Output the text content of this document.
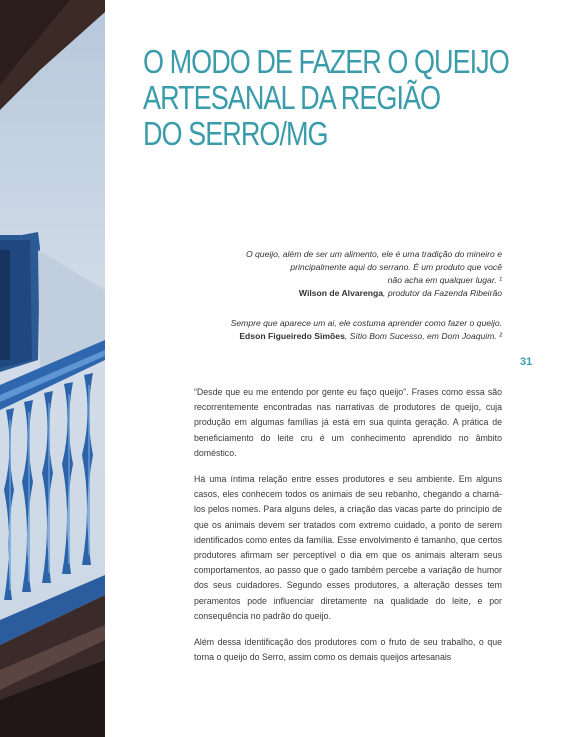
O MODO DE FAZER O QUEIJO
ARTESANAL DA REGIÃO
DO SERRO/MG
O queijo, além de ser um alimento, ele é uma tradição do mineiro e
principalmente aqui do serrano. É um produto que você
não acha em qualquer lugar. ¹
Wilson de Alvarenga, produtor da Fazenda Ribeirão
Sempre que aparece um ai, ele costuma aprender como fazer o queijo.
Edson Figueiredo Simões, Sítio Bom Sucesso, em Dom Joaquim. ²
31

“Desde que eu me entendo por gente eu faço queijo”. Frases como essa são recorrentemente encontradas nas narrativas de produtores de queijo, cuja produção em algumas famílias já está em sua quinta geração. A prática de beneficiamento do leite cru é um conhecimento aprendido no âmbito doméstico.

Há uma íntima relação entre esses produtores e seu ambiente. Em alguns casos, eles conhecem todos os animais de seu rebanho, chegando a chamá-los pelos nomes. Para alguns deles, a criação das vacas parte do princípio de que os animais devem ser tratados com extremo cuidado, a ponto de serem identificados como entes da família. Esse envolvimento é tamanho, que certos produtores afirmam ser perceptível o dia em que os animais alteram seus comportamentos, ao passo que o gado também percebe a variação de humor dos seus cuidadores. Segundo esses produtores, a alteração desses tem peramentos pode influenciar diretamente na qualidade do leite, e por consequência no padrão do queijo.

Além dessa identificação dos produtores com o fruto de seu trabalho, o que torna o queijo do Serro, assim como os demais queijos artesanais
